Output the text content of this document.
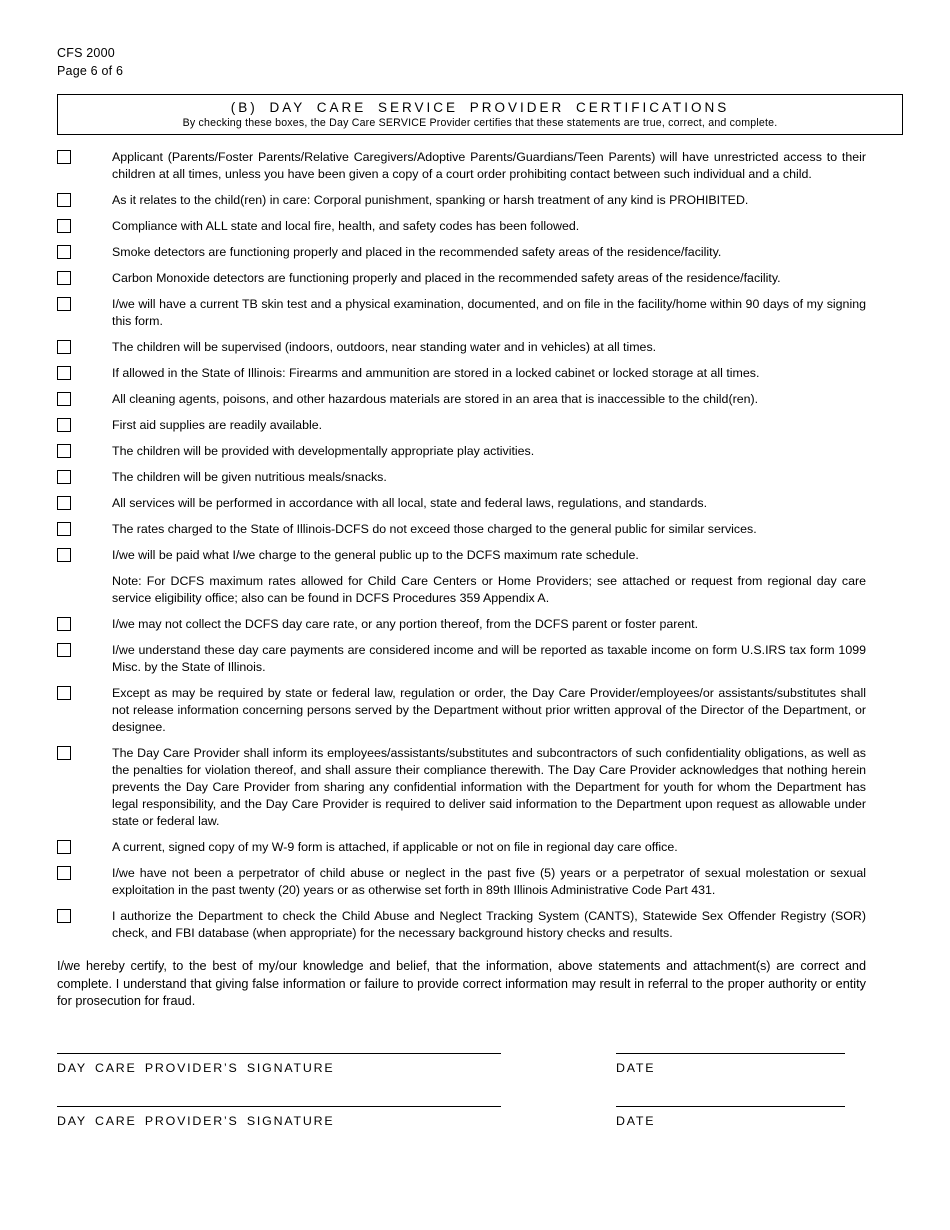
CFS 2000
Page 6 of 6
(B) DAY CARE SERVICE PROVIDER CERTIFICATIONS
By checking these boxes, the Day Care SERVICE Provider certifies that these statements are true, correct, and complete.
Applicant (Parents/Foster Parents/Relative Caregivers/Adoptive Parents/Guardians/Teen Parents) will have unrestricted access to their children at all times, unless you have been given a copy of a court order prohibiting contact between such individual and a child.
As it relates to the child(ren) in care: Corporal punishment, spanking or harsh treatment of any kind is PROHIBITED.
Compliance with ALL state and local fire, health, and safety codes has been followed.
Smoke detectors are functioning properly and placed in the recommended safety areas of the residence/facility.
Carbon Monoxide detectors are functioning properly and placed in the recommended safety areas of the residence/facility.
I/we will have a current TB skin test and a physical examination, documented, and on file in the facility/home within 90 days of my signing this form.
The children will be supervised (indoors, outdoors, near standing water and in vehicles) at all times.
If allowed in the State of Illinois: Firearms and ammunition are stored in a locked cabinet or locked storage at all times.
All cleaning agents, poisons, and other hazardous materials are stored in an area that is inaccessible to the child(ren).
First aid supplies are readily available.
The children will be provided with developmentally appropriate play activities.
The children will be given nutritious meals/snacks.
All services will be performed in accordance with all local, state and federal laws, regulations, and standards.
The rates charged to the State of Illinois-DCFS do not exceed those charged to the general public for similar services.
I/we will be paid what I/we charge to the general public up to the DCFS maximum rate schedule.
Note: For DCFS maximum rates allowed for Child Care Centers or Home Providers; see attached or request from regional day care service eligibility office; also can be found in DCFS Procedures 359 Appendix A.
I/we may not collect the DCFS day care rate, or any portion thereof, from the DCFS parent or foster parent.
I/we understand these day care payments are considered income and will be reported as taxable income on form U.S.IRS tax form 1099 Misc. by the State of Illinois.
Except as may be required by state or federal law, regulation or order, the Day Care Provider/employees/or assistants/substitutes shall not release information concerning persons served by the Department without prior written approval of the Director of the Department, or designee.
The Day Care Provider shall inform its employees/assistants/substitutes and subcontractors of such confidentiality obligations, as well as the penalties for violation thereof, and shall assure their compliance therewith. The Day Care Provider acknowledges that nothing herein prevents the Day Care Provider from sharing any confidential information with the Department for youth for whom the Department has legal responsibility, and the Day Care Provider is required to deliver said information to the Department upon request as allowable under state or federal law.
A current, signed copy of my W-9 form is attached, if applicable or not on file in regional day care office.
I/we have not been a perpetrator of child abuse or neglect in the past five (5) years or a perpetrator of sexual molestation or sexual exploitation in the past twenty (20) years or as otherwise set forth in 89th Illinois Administrative Code Part 431.
I authorize the Department to check the Child Abuse and Neglect Tracking System (CANTS), Statewide Sex Offender Registry (SOR) check, and FBI database (when appropriate) for the necessary background history checks and results.
I/we hereby certify, to the best of my/our knowledge and belief, that the information, above statements and attachment(s) are correct and complete. I understand that giving false information or failure to provide correct information may result in referral to the proper authority or entity for prosecution for fraud.
DAY CARE PROVIDER’S SIGNATURE	DATE
DAY CARE PROVIDER’S SIGNATURE	DATE
